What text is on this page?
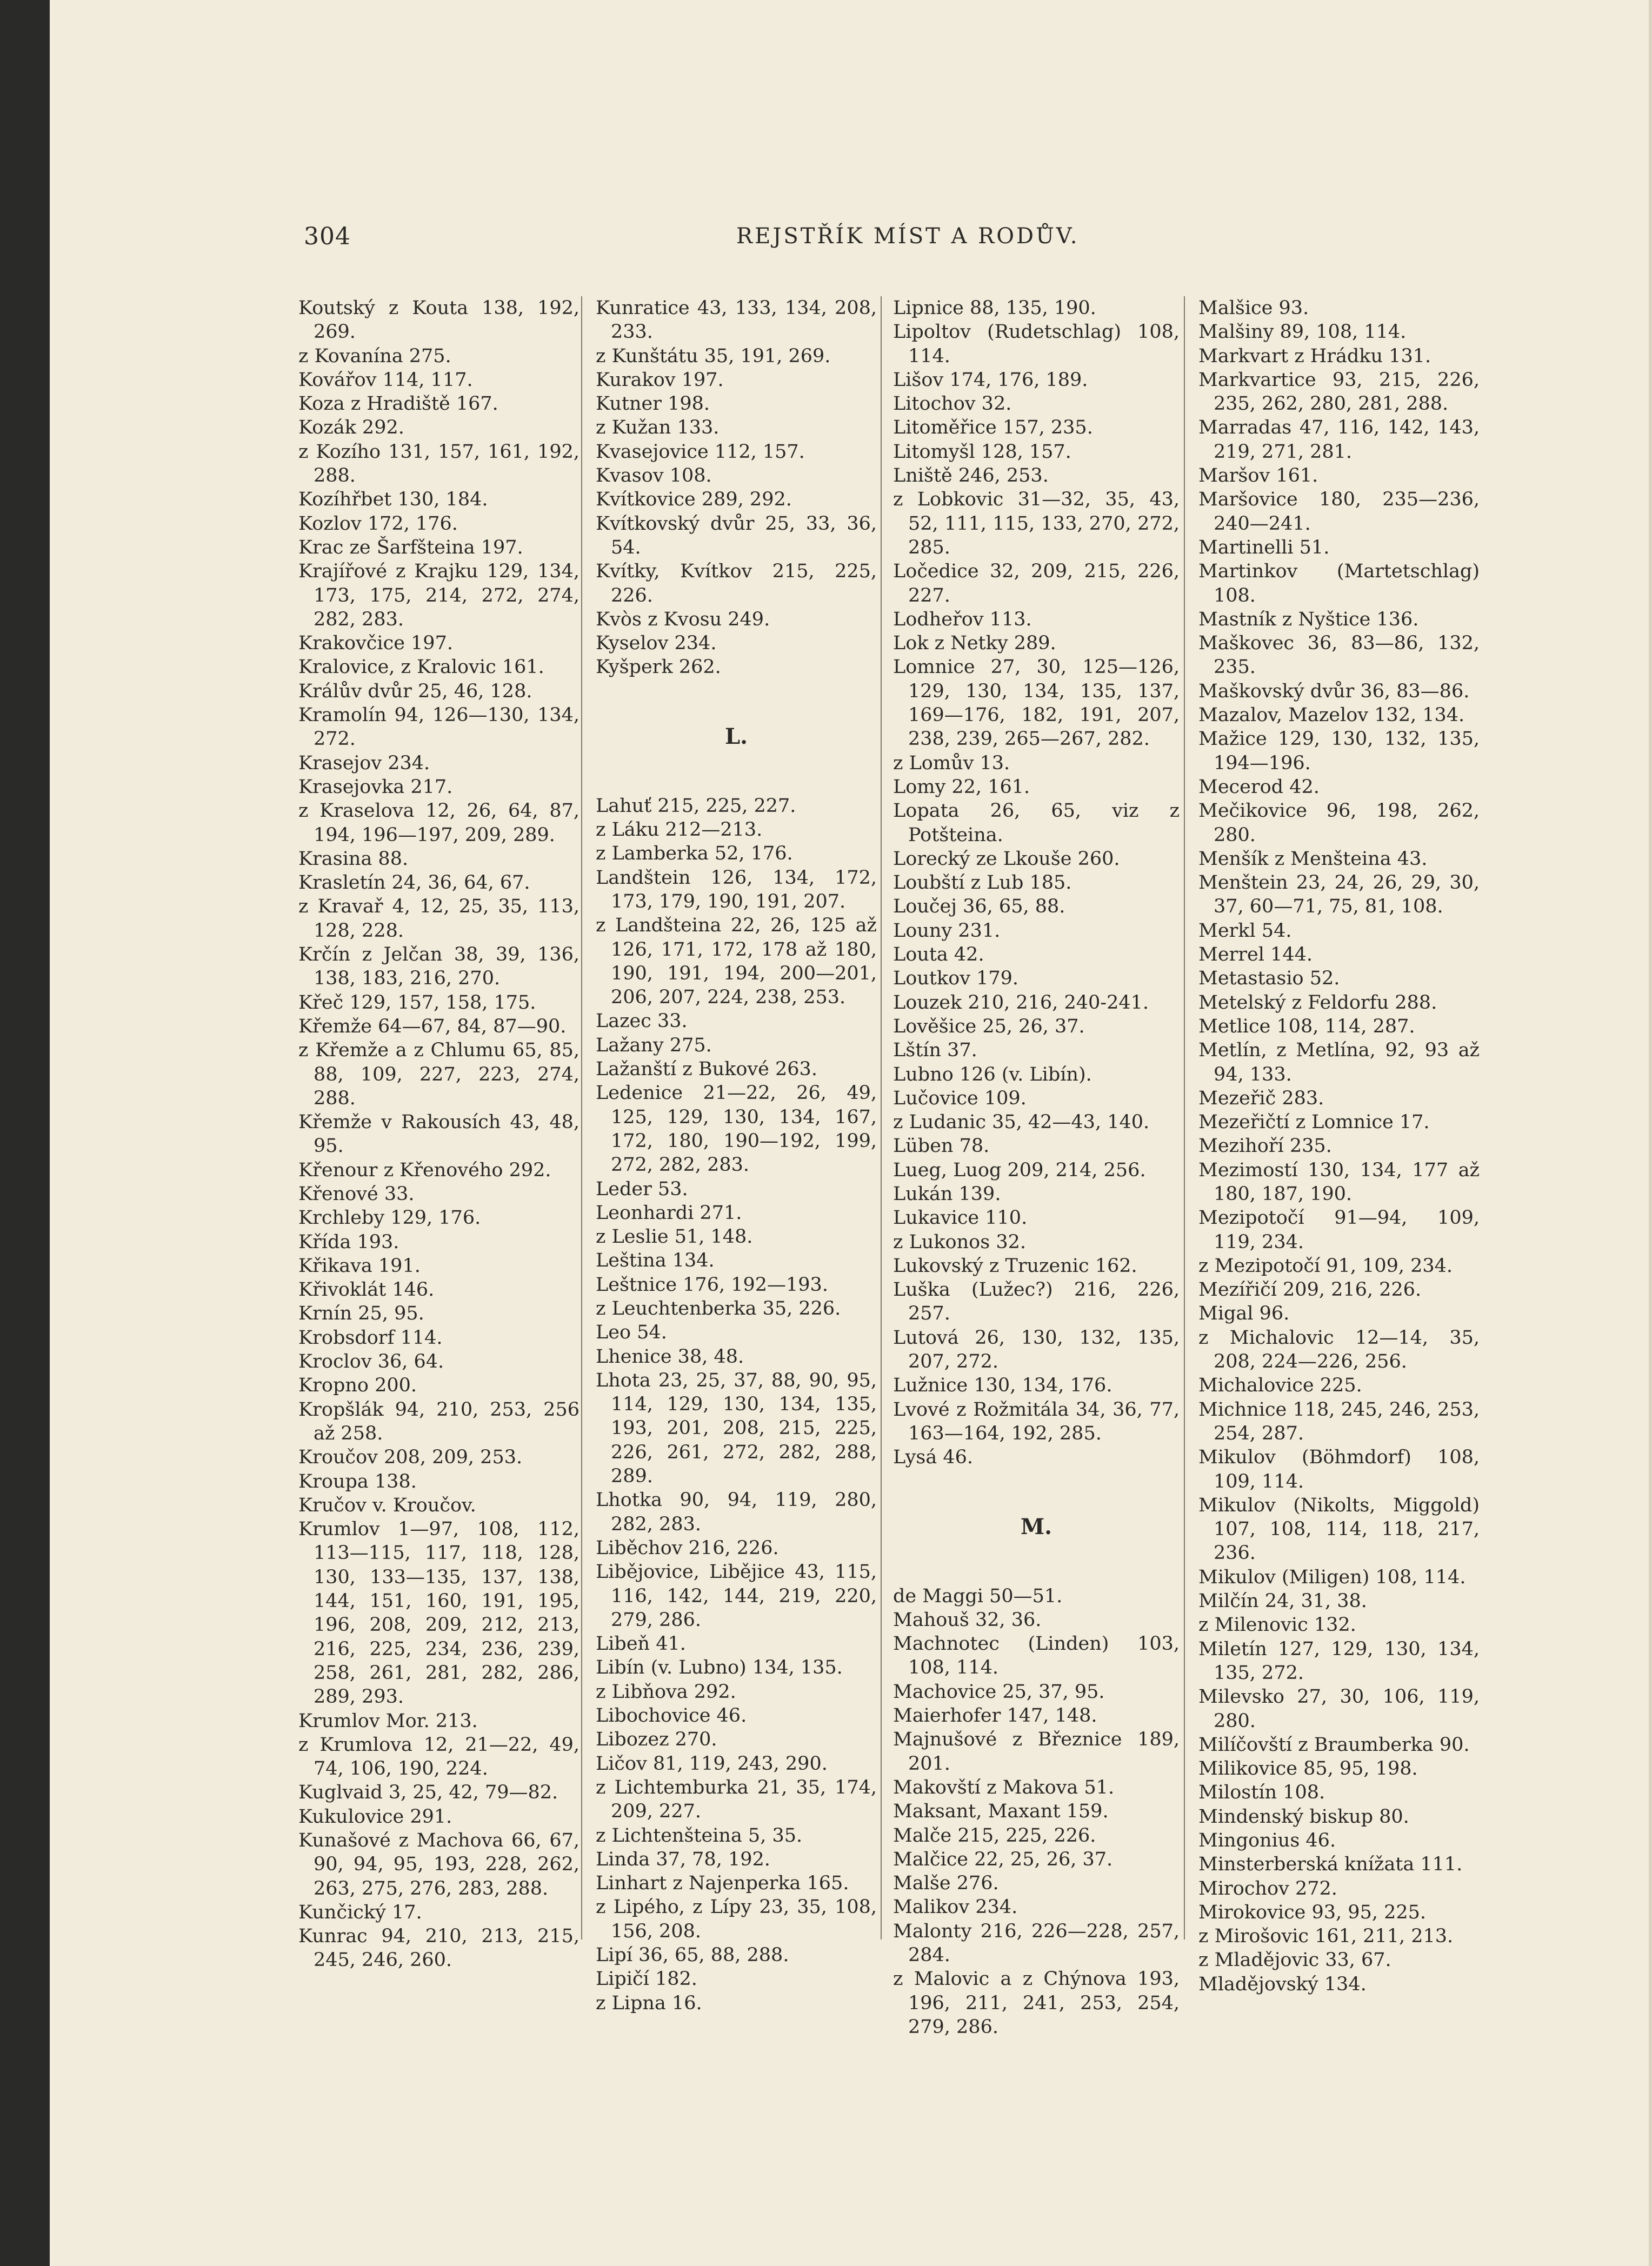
304	REJSTŘÍK MÍST A RODŮV.

Koutský z Kouta 138, 192, 269.

z Kovanína 275.

Kovářov 114, 117.

Koza z Hradiště 167.

Kozák 292.

z Kozího 131, 157, 161, 192, 288.

Kozíhřbet 130, 184.

Kozlov 172, 176.

Krac ze Šarfšteina 197.

Krajířové z Krajku 129, 134, 173, 175, 214, 272, 274, 282, 283.

Krakovčice 197.

Kralovice, z Kralovic 161.

Králův dvůr 25, 46, 128.

Kramolín 94, 126—130, 134, 272.

Krasejov 234.

Krasejovka 217.

z Kraselova 12, 26, 64, 87, 194, 196—197, 209, 289.

Krasina 88.

Krasletín 24, 36, 64, 67.

z Kravař 4, 12, 25, 35, 113, 128, 228.

Krčín z Jelčan 38, 39, 136, 138, 183, 216, 270.

Křeč 129, 157, 158, 175.

Křemže 64—67, 84, 87—90.

z Křemže a z Chlumu 65, 85, 88, 109, 227, 223, 274, 288.

Křemže v Rakousích 43, 48, 95.

Křenour z Křenového 292.

Křenové 33.

Krchleby 129, 176.

Křída 193.

Křikava 191.

Křivoklát 146.

Krnín 25, 95.

Krobsdorf 114.

Kroclov 36, 64.

Kropno 200.

Kropšlák 94, 210, 253, 256 až 258.

Kroučov 208, 209, 253.

Kroupa 138.

Kručov v. Kroučov.

Krumlov 1—97, 108, 112, 113—115, 117, 118, 128, 130, 133—135, 137, 138, 144, 151, 160, 191, 195, 196, 208, 209, 212, 213, 216, 225, 234, 236, 239, 258, 261, 281, 282, 286, 289, 293.

Krumlov Mor. 213.

z Krumlova 12, 21—22, 49, 74, 106, 190, 224.

Kuglvaid 3, 25, 42, 79—82.

Kukulovice 291.

Kunašové z Machova 66, 67, 90, 94, 95, 193, 228, 262, 263, 275, 276, 283, 288.

Kunčický 17.

Kunrac 94, 210, 213, 215, 245, 246, 260.

Kunratice 43, 133, 134, 208, 233.

z Kunštátu 35, 191, 269.

Kurakov 197.

Kutner 198.

z Kužan 133.

Kvasejovice 112, 157.

Kvasov 108.

Kvítkovice 289, 292.

Kvítkovský dvůr 25, 33, 36, 54.

Kvítky, Kvítkov 215, 225, 226.

Kvòs z Kvosu 249.

Kyselov 234.

Kyšperk 262.

L.

Lahuť 215, 225, 227.

z Láku 212—213.

z Lamberka 52, 176.

Landštein 126, 134, 172, 173, 179, 190, 191, 207.

z Landšteina 22, 26, 125 až 126, 171, 172, 178 až 180, 190, 191, 194, 200—201, 206, 207, 224, 238, 253.

Lazec 33.

Lažany 275.

Lažanští z Bukové 263.

Ledenice 21—22, 26, 49, 125, 129, 130, 134, 167, 172, 180, 190—192, 199, 272, 282, 283.

Leder 53.

Leonhardi 271.

z Leslie 51, 148.

Leština 134.

Leštnice 176, 192—193.

z Leuchtenberka 35, 226.

Leo 54.

Lhenice 38, 48.

Lhota 23, 25, 37, 88, 90, 95, 114, 129, 130, 134, 135, 193, 201, 208, 215, 225, 226, 261, 272, 282, 288, 289.

Lhotka 90, 94, 119, 280, 282, 283.

Liběchov 216, 226.

Libějovice, Libějice 43, 115, 116, 142, 144, 219, 220, 279, 286.

Libeň 41.

Libín (v. Lubno) 134, 135.

z Libňova 292.

Libochovice 46.

Libozez 270.

Ličov 81, 119, 243, 290.

z Lichtemburka 21, 35, 174, 209, 227.

z Lichtenšteina 5, 35.

Linda 37, 78, 192.

Linhart z Najenperka 165.

z Lipého, z Lípy 23, 35, 108, 156, 208.

Lipí 36, 65, 88, 288.

Lipičí 182.

z Lipna 16.

Lipnice 88, 135, 190.

Lipoltov (Rudetschlag) 108, 114.

Lišov 174, 176, 189.

Litochov 32.

Litoměřice 157, 235.

Litomyšl 128, 157.

Lniště 246, 253.

z Lobkovic 31—32, 35, 43, 52, 111, 115, 133, 270, 272, 285.

Ločedice 32, 209, 215, 226, 227.

Lodheřov 113.

Lok z Netky 289.

Lomnice 27, 30, 125—126, 129, 130, 134, 135, 137, 169—176, 182, 191, 207, 238, 239, 265—267, 282.

z Lomův 13.

Lomy 22, 161.

Lopata 26, 65, viz z Potšteina.

Lorecký ze Lkouše 260.

Loubští z Lub 185.

Loučej 36, 65, 88.

Louny 231.

Louta 42.

Loutkov 179.

Louzek 210, 216, 240-241.

Lověšice 25, 26, 37.

Lštín 37.

Lubno 126 (v. Libín).

Lučovice 109.

z Ludanic 35, 42—43, 140.

Lüben 78.

Lueg, Luog 209, 214, 256.

Lukán 139.

Lukavice 110.

z Lukonos 32.

Lukovský z Truzenic 162.

Luška (Lužec?) 216, 226, 257.

Lutová 26, 130, 132, 135, 207, 272.

Lužnice 130, 134, 176.

Lvové z Rožmitála 34, 36, 77, 163—164, 192, 285.

Lysá 46.

M.

de Maggi 50—51.

Mahouš 32, 36.

Machnotec (Linden) 103, 108, 114.

Machovice 25, 37, 95.

Maierhofer 147, 148.

Majnušové z Březnice 189, 201.

Makovští z Makova 51.

Maksant, Maxant 159.

Malče 215, 225, 226.

Malčice 22, 25, 26, 37.

Malše 276.

Malikov 234.

Malonty 216, 226—228, 257, 284.

z Malovic a z Chýnova 193, 196, 211, 241, 253, 254, 279, 286.

Malšice 93.

Malšiny 89, 108, 114.

Markvart z Hrádku 131.

Markvartice 93, 215, 226, 235, 262, 280, 281, 288.

Marradas 47, 116, 142, 143, 219, 271, 281.

Maršov 161.

Maršovice 180, 235—236, 240—241.

Martinelli 51.

Martinkov (Martetschlag) 108.

Mastník z Nyštice 136.

Maškovec 36, 83—86, 132, 235.

Maškovský dvůr 36, 83—86.

Mazalov, Mazelov 132, 134.

Mažice 129, 130, 132, 135, 194—196.

Mecerod 42.

Mečikovice 96, 198, 262, 280.

Menšík z Menšteina 43.

Menštein 23, 24, 26, 29, 30, 37, 60—71, 75, 81, 108.

Merkl 54.

Merrel 144.

Metastasio 52.

Metelský z Feldorfu 288.

Metlice 108, 114, 287.

Metlín, z Metlína, 92, 93 až 94, 133.

Mezeřič 283.

Mezeřičtí z Lomnice 17.

Mezihoří 235.

Mezimostí 130, 134, 177 až 180, 187, 190.

Mezipotočí 91—94, 109, 119, 234.

z Mezipotočí 91, 109, 234.

Mezířičí 209, 216, 226.

Migal 96.

z Michalovic 12—14, 35, 208, 224—226, 256.

Michalovice 225.

Michnice 118, 245, 246, 253, 254, 287.

Mikulov (Böhmdorf) 108, 109, 114.

Mikulov (Nikolts, Miggold) 107, 108, 114, 118, 217, 236.

Mikulov (Miligen) 108, 114.

Milčín 24, 31, 38.

z Milenovic 132.

Miletín 127, 129, 130, 134, 135, 272.

Milevsko 27, 30, 106, 119, 280.

Milíčovští z Braumberka 90.

Milikovice 85, 95, 198.

Milostín 108.

Mindenský biskup 80.

Mingonius 46.

Minsterberská knížata 111.

Mirochov 272.

Mirokovice 93, 95, 225.

z Mirošovic 161, 211, 213.

z Mladějovic 33, 67.

Mladějovský 134.
